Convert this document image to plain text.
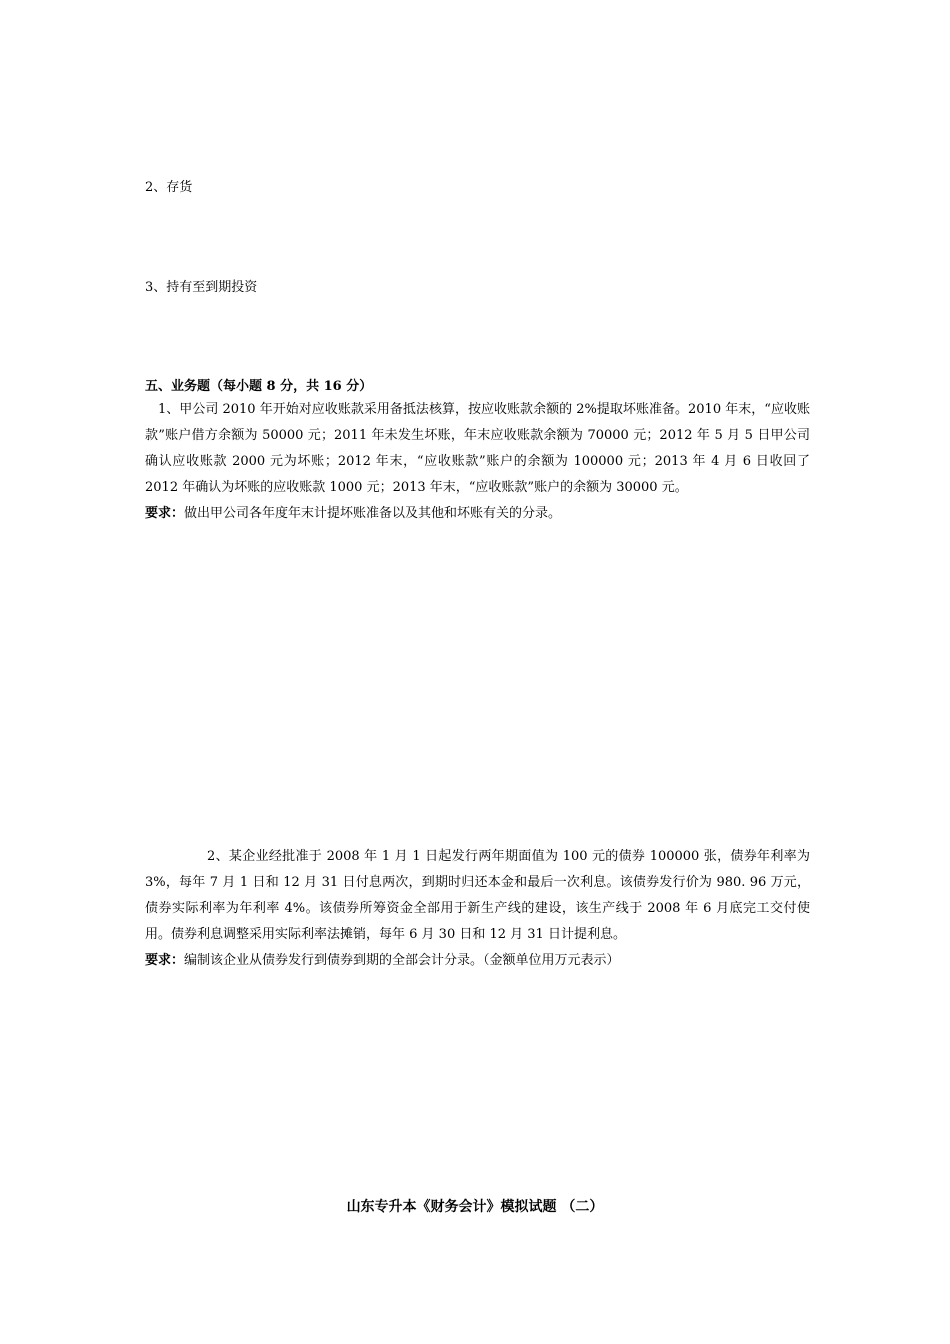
2、存货
3、持有至到期投资
五、业务题（每小题 8 分，共 16 分）
1、甲公司 2010 年开始对应收账款采用备抵法核算，按应收账款余额的 2%提取坏账准备。2010 年末，“应收账款”账户借方余额为 50000 元；2011 年未发生坏账，年末应收账款余额为 70000 元；2012 年 5 月 5 日甲公司确认应收账款 2000 元为坏账；2012 年末，“应收账款”账户的余额为 100000 元；2013 年 4 月 6 日收回了 2012 年确认为坏账的应收账款 1000 元；2013 年末，“应收账款”账户的余额为 30000 元。
要求：做出甲公司各年度年末计提坏账准备以及其他和坏账有关的分录。
2、某企业经批准于 2008 年 1 月 1 日起发行两年期面值为 100 元的债券 100000 张，债券年利率为 3%，每年 7 月 1 日和 12 月 31 日付息两次，到期时归还本金和最后一次利息。该债券发行价为 980. 96 万元，债券实际利率为年利率 4%。该债券所筹资金全部用于新生产线的建设，该生产线于 2008 年 6 月底完工交付使用。债券利息调整采用实际利率法摊销，每年 6 月 30 日和 12 月 31 日计提利息。
要求：编制该企业从债券发行到债券到期的全部会计分录。（金额单位用万元表示）
山东专升本《财务会计》模拟试题 （二）
